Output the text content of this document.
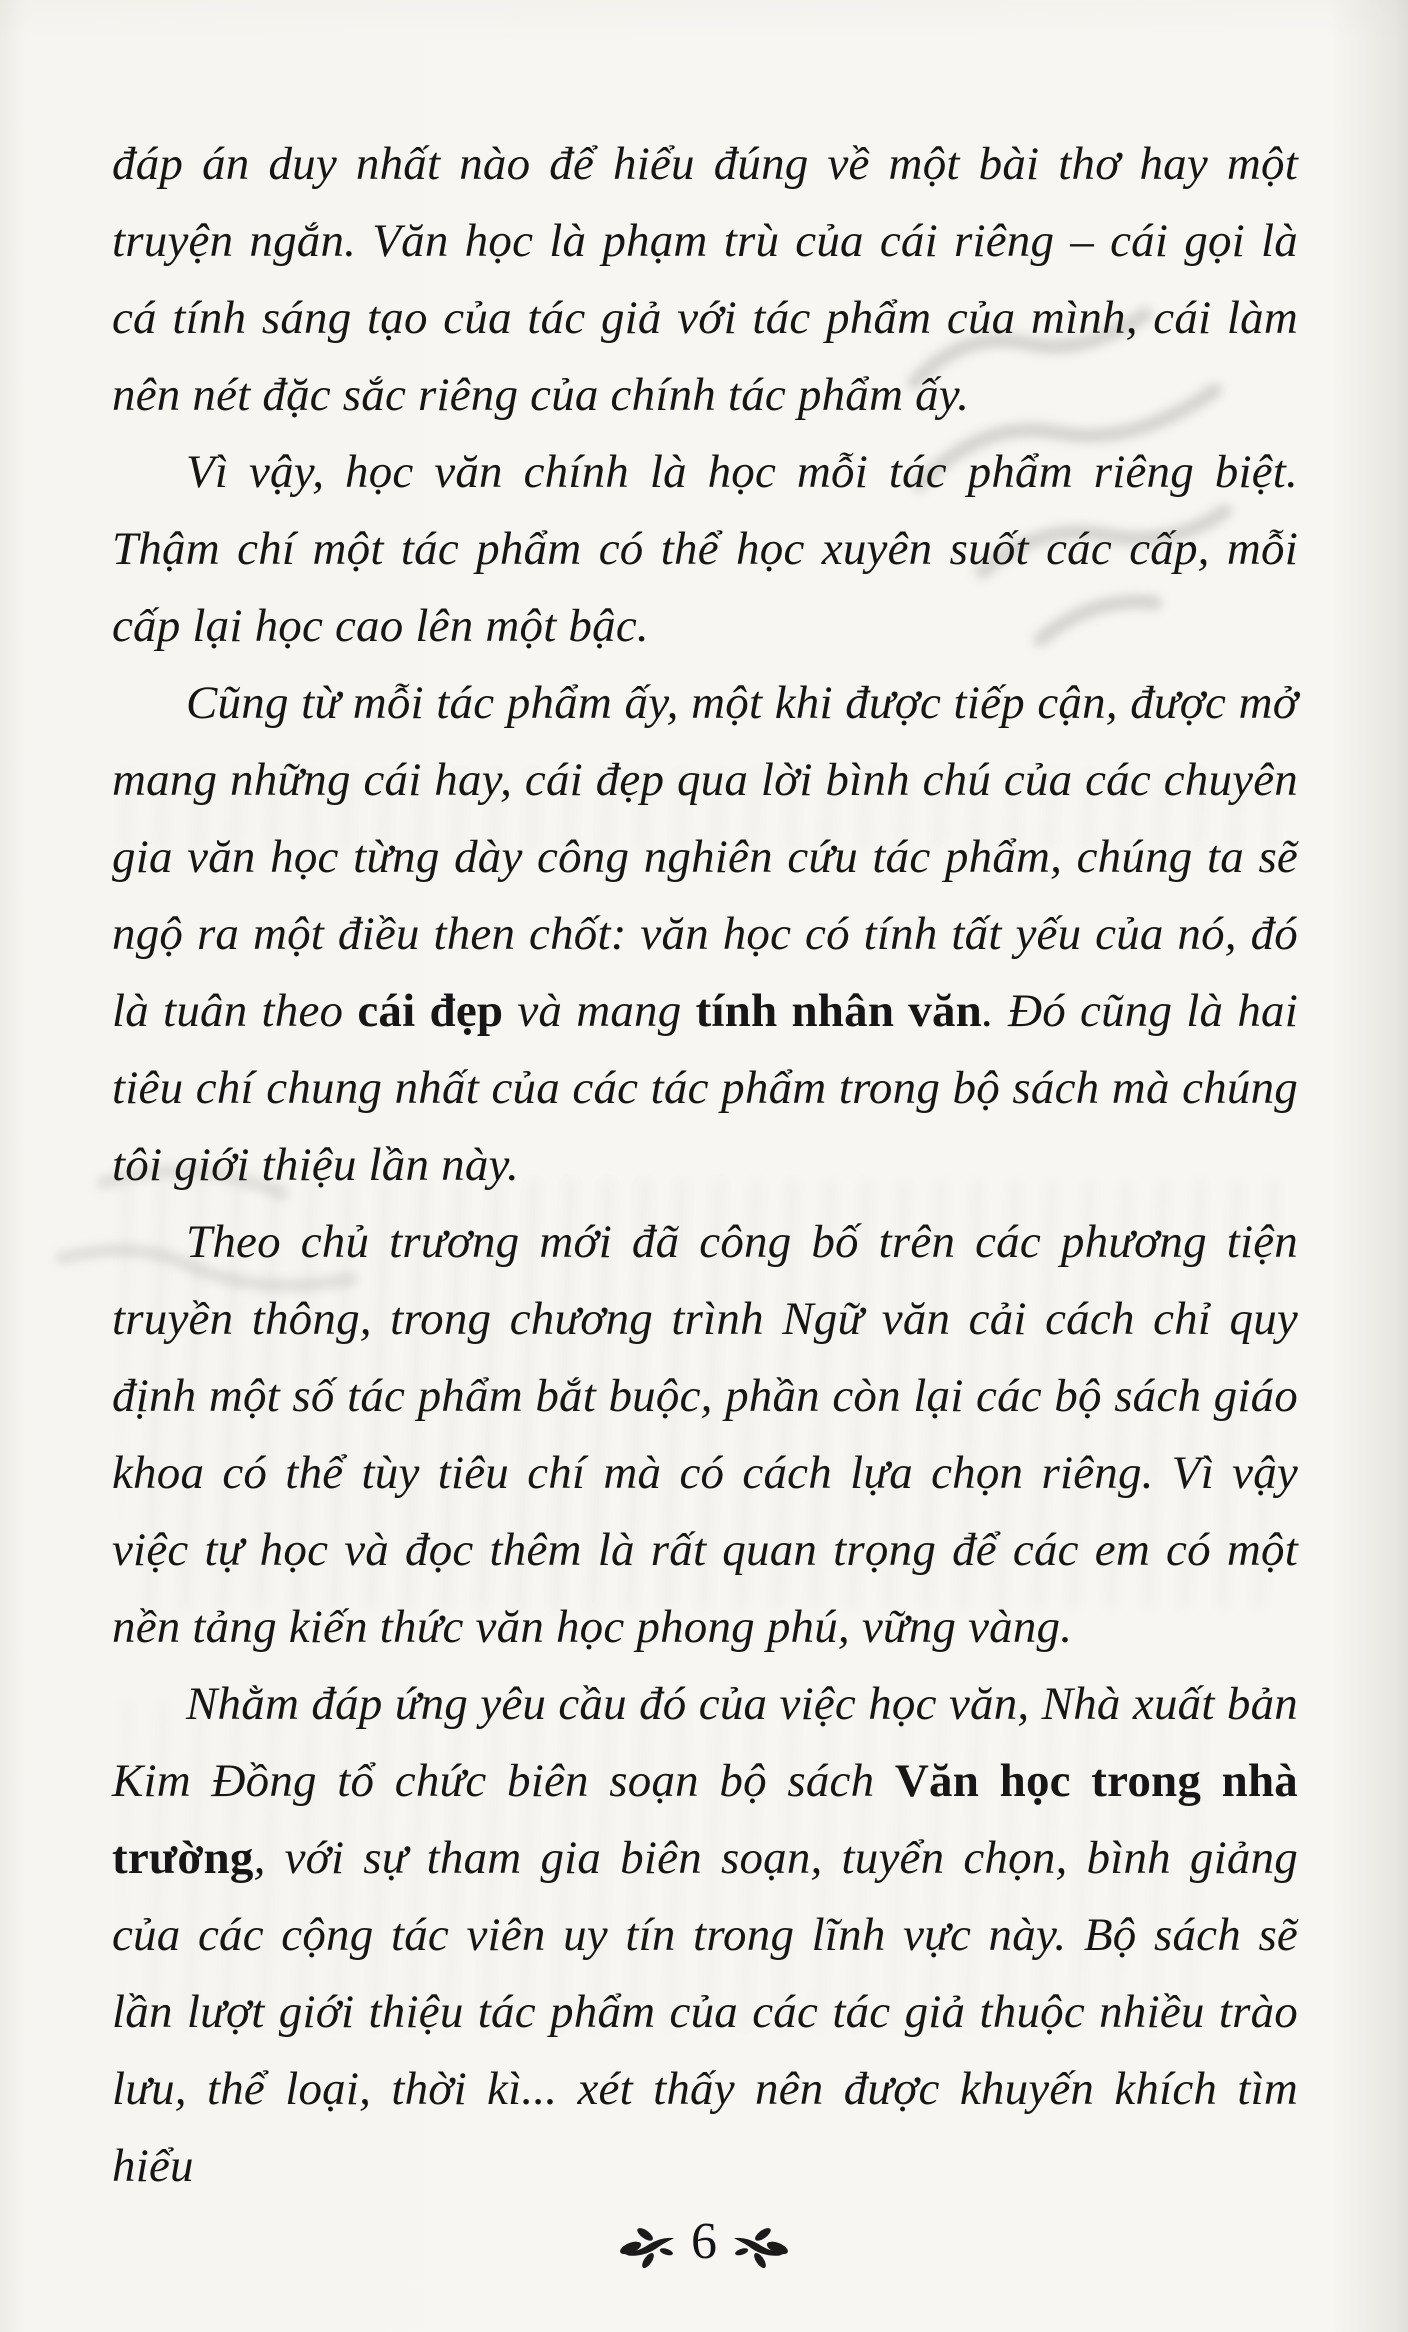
đáp án duy nhất nào để hiểu đúng về một bài thơ hay một truyện ngắn. Văn học là phạm trù của cái riêng – cái gọi là cá tính sáng tạo của tác giả với tác phẩm của mình, cái làm nên nét đặc sắc riêng của chính tác phẩm ấy.

Vì vậy, học văn chính là học mỗi tác phẩm riêng biệt. Thậm chí một tác phẩm có thể học xuyên suốt các cấp, mỗi cấp lại học cao lên một bậc.

Cũng từ mỗi tác phẩm ấy, một khi được tiếp cận, được mở mang những cái hay, cái đẹp qua lời bình chú của các chuyên gia văn học từng dày công nghiên cứu tác phẩm, chúng ta sẽ ngộ ra một điều then chốt: văn học có tính tất yếu của nó, đó là tuân theo cái đẹp và mang tính nhân văn. Đó cũng là hai tiêu chí chung nhất của các tác phẩm trong bộ sách mà chúng tôi giới thiệu lần này.

Theo chủ trương mới đã công bố trên các phương tiện truyền thông, trong chương trình Ngữ văn cải cách chỉ quy định một số tác phẩm bắt buộc, phần còn lại các bộ sách giáo khoa có thể tùy tiêu chí mà có cách lựa chọn riêng. Vì vậy việc tự học và đọc thêm là rất quan trọng để các em có một nền tảng kiến thức văn học phong phú, vững vàng.

Nhằm đáp ứng yêu cầu đó của việc học văn, Nhà xuất bản Kim Đồng tổ chức biên soạn bộ sách Văn học trong nhà trường, với sự tham gia biên soạn, tuyển chọn, bình giảng của các cộng tác viên uy tín trong lĩnh vực này. Bộ sách sẽ lần lượt giới thiệu tác phẩm của các tác giả thuộc nhiều trào lưu, thể loại, thời kì... xét thấy nên được khuyến khích tìm hiểu

6
